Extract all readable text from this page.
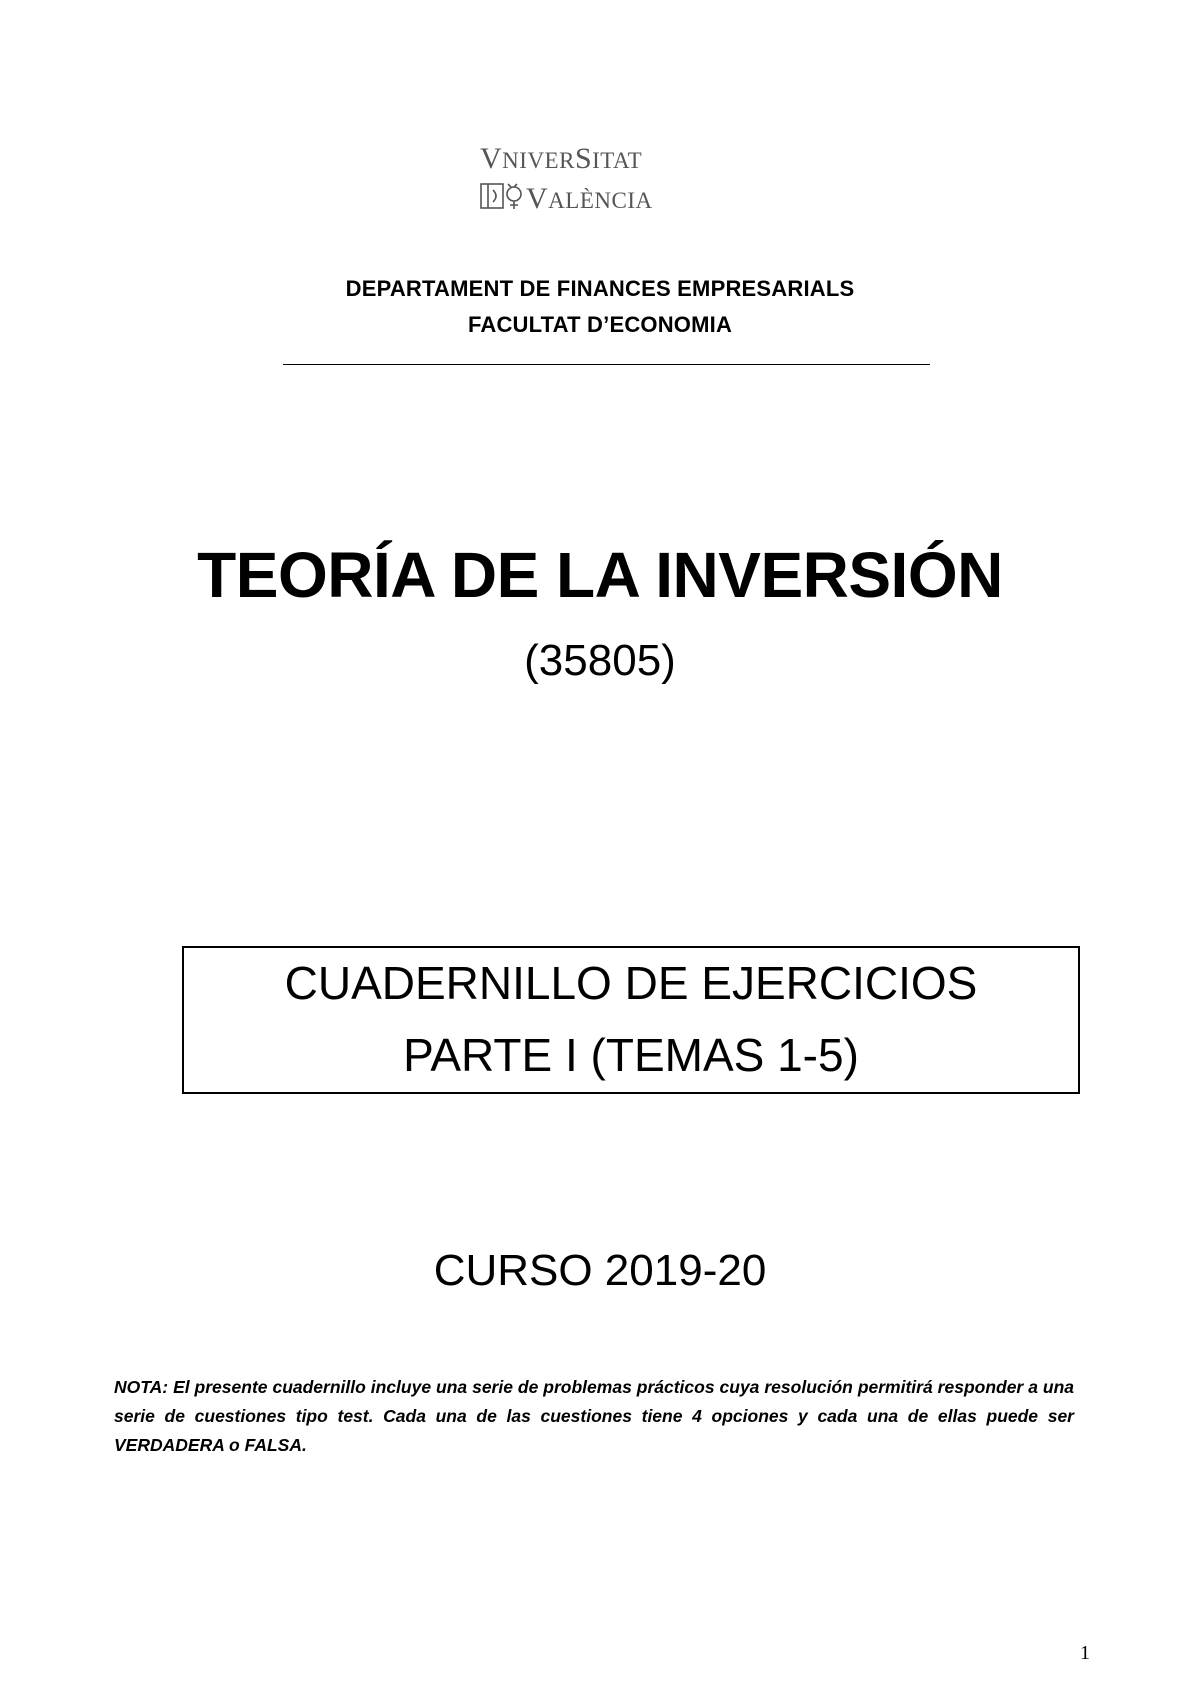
VNIVERSITAT
VALÈNCIA
DEPARTAMENT DE FINANCES EMPRESARIALS
FACULTAT D’ECONOMIA
TEORÍA DE LA INVERSIÓN
(35805)
CUADERNILLO DE EJERCICIOS
PARTE I (TEMAS 1-5)
CURSO 2019-20
NOTA: El presente cuadernillo incluye una serie de problemas prácticos cuya resolución permitirá responder a una serie de cuestiones tipo test. Cada una de las cuestiones tiene 4 opciones y cada una de ellas puede ser VERDADERA o FALSA.
1
